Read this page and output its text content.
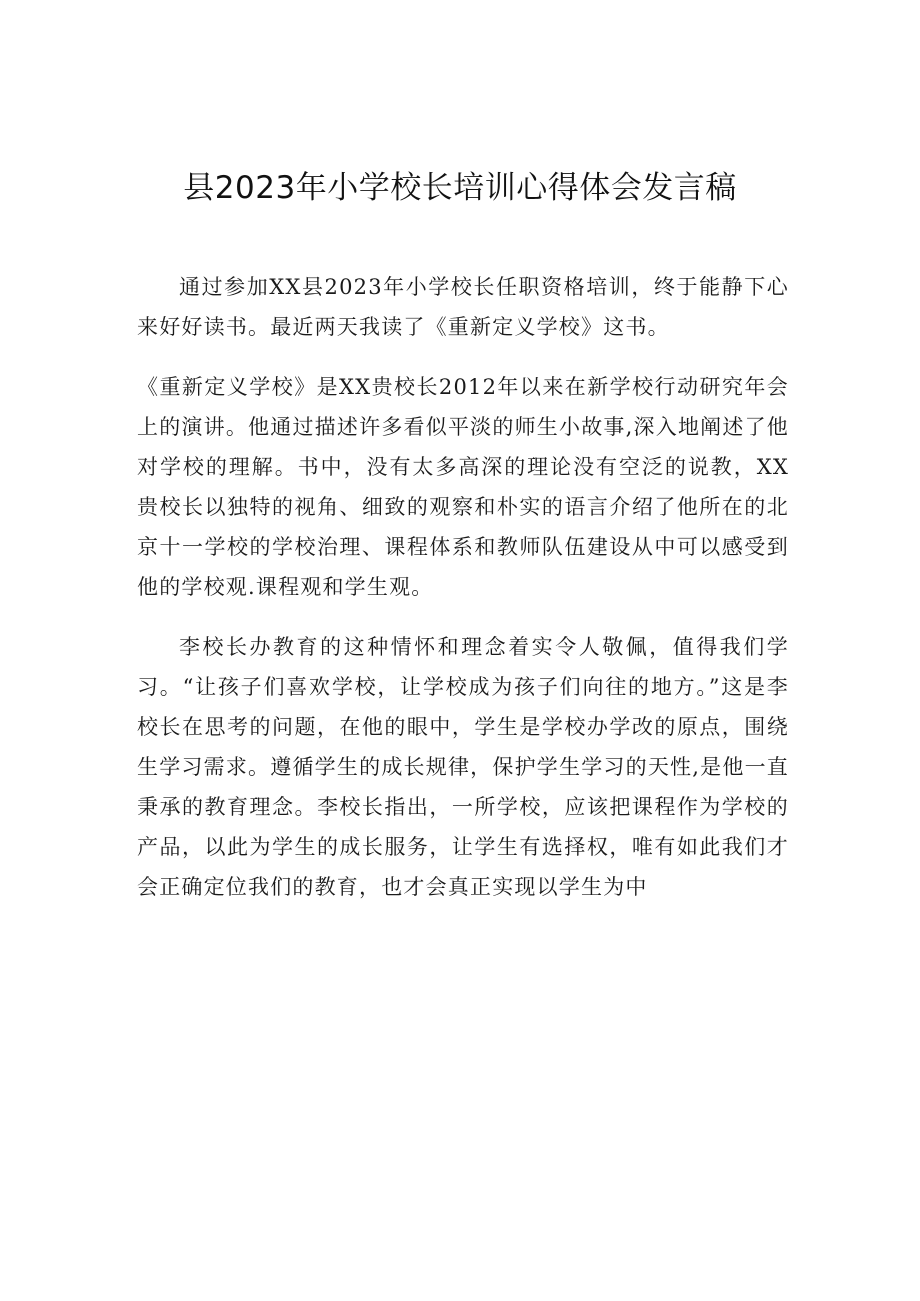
县2023年小学校长培训心得体会发言稿

通过参加XX县2023年小学校长任职资格培训，终于能静下心来好好读书。最近两天我读了《重新定义学校》这书。

《重新定义学校》是XX贵校长2012年以来在新学校行动研究年会上的演讲。他通过描述许多看似平淡的师生小故事,深入地阐述了他对学校的理解。书中，没有太多高深的理论没有空泛的说教，XX贵校长以独特的视角、细致的观察和朴实的语言介绍了他所在的北京十一学校的学校治理、课程体系和教师队伍建设从中可以感受到他的学校观.课程观和学生观。

李校长办教育的这种情怀和理念着实令人敬佩，值得我们学习。“让孩子们喜欢学校，让学校成为孩子们向往的地方。”这是李校长在思考的问题，在他的眼中，学生是学校办学改的原点，围绕生学习需求。遵循学生的成长规律，保护学生学习的天性,是他一直秉承的教育理念。李校长指出，一所学校，应该把课程作为学校的产品，以此为学生的成长服务，让学生有选择权，唯有如此我们才会正确定位我们的教育，也才会真正实现以学生为中
